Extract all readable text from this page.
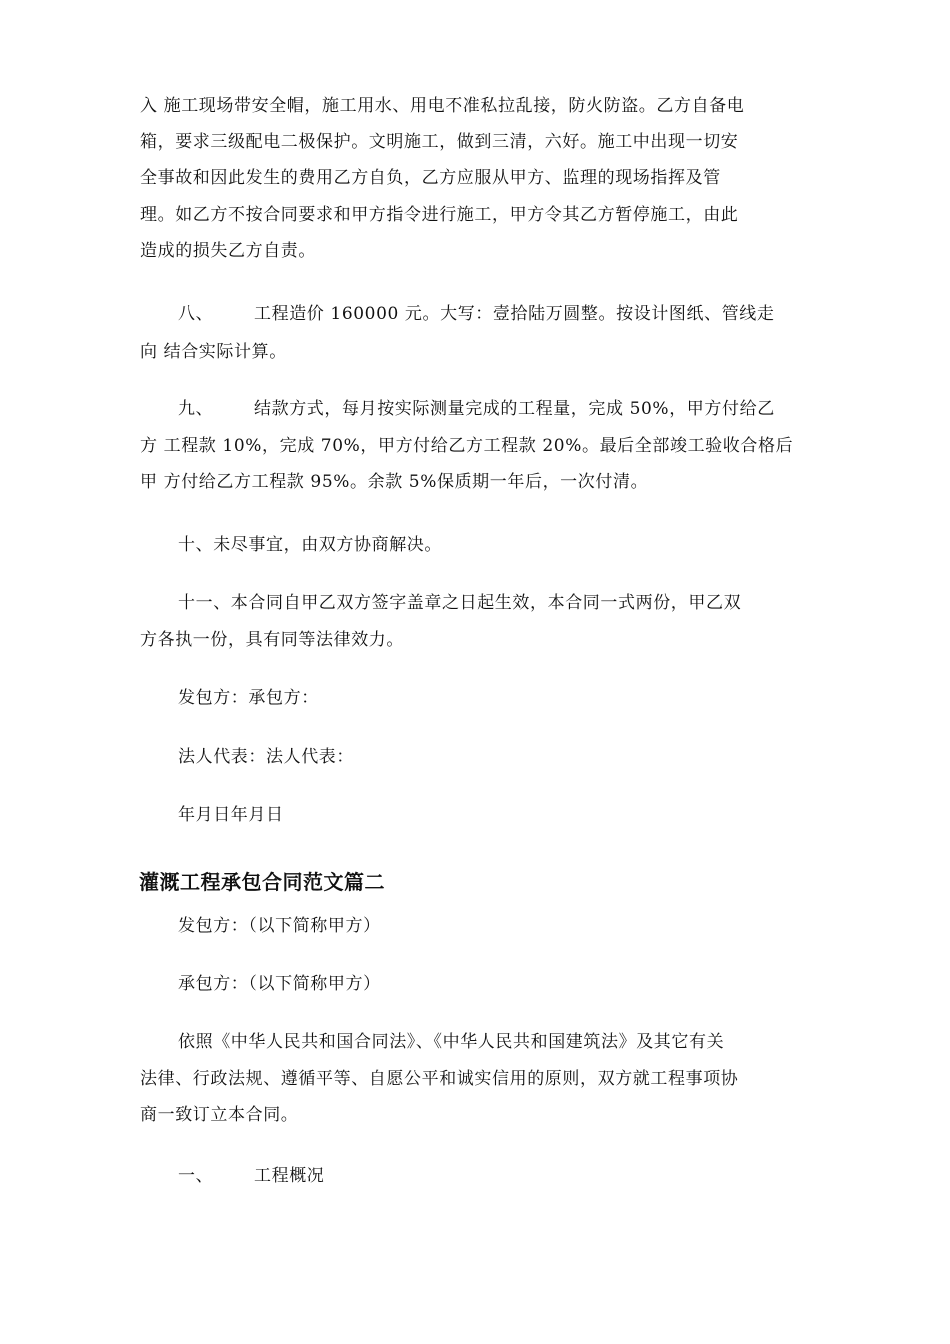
入 施工现场带安全帽，施工用水、用电不准私拉乱接，防火防盗。乙方自备电
箱，要求三级配电二极保护。文明施工，做到三清，六好。施工中出现一切安
全事故和因此发生的费用乙方自负，乙方应服从甲方、监理的现场指挥及管
理。如乙方不按合同要求和甲方指令进行施工，甲方令其乙方暂停施工，由此
造成的损失乙方自责。
八、 工程造价 160000 元。大写：壹拾陆万圆整。按设计图纸、管线走
向 结合实际计算。
九、 结款方式，每月按实际测量完成的工程量，完成 50%，甲方付给乙
方 工程款 10%，完成 70%，甲方付给乙方工程款 20%。最后全部竣工验收合格后
甲 方付给乙方工程款 95%。余款 5%保质期一年后，一次付清。
十、未尽事宜，由双方协商解决。
十一、本合同自甲乙双方签字盖章之日起生效，本合同一式两份，甲乙双
方各执一份，具有同等法律效力。
发包方：承包方：
法人代表：法人代表：
年月日年月日
灌溉工程承包合同范文篇二
发包方：（以下简称甲方）
承包方：（以下简称甲方）
依照《中华人民共和国合同法》、《中华人民共和国建筑法》及其它有关
法律、行政法规、遵循平等、自愿公平和诚实信用的原则，双方就工程事项协
商一致订立本合同。
一、 工程概况
